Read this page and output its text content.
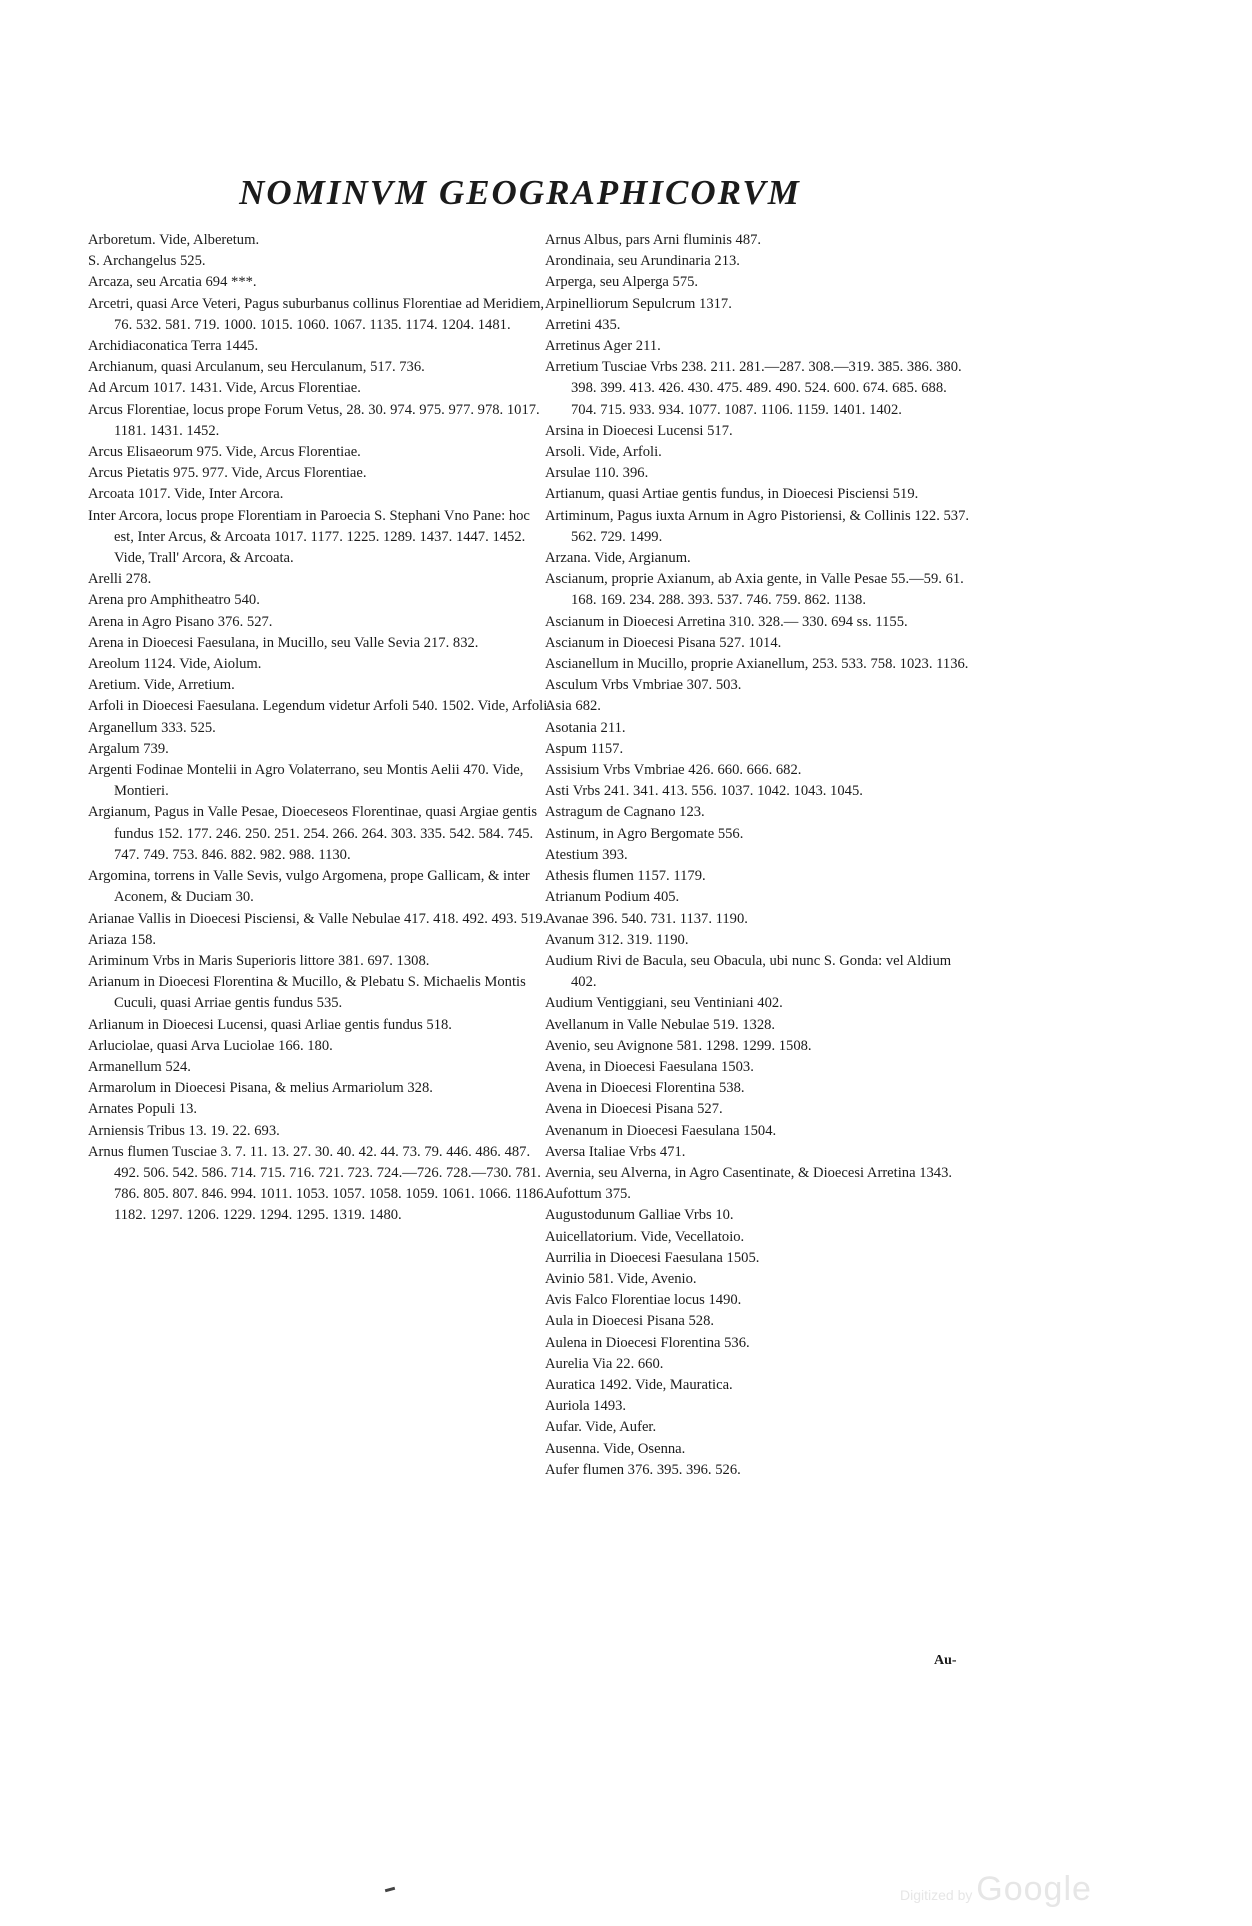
NOMINVM GEOGRAPHICORVM

Arboretum. Vide, Alberetum.

S. Archangelus 525.

Arcaza, seu Arcatia 694 ***.

Arcetri, quasi Arce Veteri, Pagus suburbanus collinus Florentiae ad Meridiem, 76. 532. 581. 719. 1000. 1015. 1060. 1067. 1135. 1174. 1204. 1481.

Archidiaconatica Terra 1445.

Archianum, quasi Arculanum, seu Herculanum, 517. 736.

Ad Arcum 1017. 1431. Vide, Arcus Florentiae.

Arcus Florentiae, locus prope Forum Vetus, 28. 30. 974. 975. 977. 978. 1017. 1181. 1431. 1452.

Arcus Elisaeorum 975. Vide, Arcus Florentiae.

Arcus Pietatis 975. 977. Vide, Arcus Florentiae.

Arcoata 1017. Vide, Inter Arcora.

Inter Arcora, locus prope Florentiam in Paroecia S. Stephani Vno Pane: hoc est, Inter Arcus, & Arcoata 1017. 1177. 1225. 1289. 1437. 1447. 1452. Vide, Trall' Arcora, & Arcoata.

Arelli 278.

Arena pro Amphitheatro 540.

Arena in Agro Pisano 376. 527.

Arena in Dioecesi Faesulana, in Mucillo, seu Valle Sevia 217. 832.

Areolum 1124. Vide, Aiolum.

Aretium. Vide, Arretium.

Arfoli in Dioecesi Faesulana. Legendum videtur Arfoli 540. 1502. Vide, Arfoli.

Arganellum 333. 525.

Argalum 739.

Argenti Fodinae Montelii in Agro Volaterrano, seu Montis Aelii 470. Vide, Montieri.

Argianum, Pagus in Valle Pesae, Dioeceseos Florentinae, quasi Argiae gentis fundus 152. 177. 246. 250. 251. 254. 266. 264. 303. 335. 542. 584. 745. 747. 749. 753. 846. 882. 982. 988. 1130.

Argomina, torrens in Valle Sevis, vulgo Argomena, prope Gallicam, & inter Aconem, & Duciam 30.

Arianae Vallis in Dioecesi Pisciensi, & Valle Nebulae 417. 418. 492. 493. 519.

Ariaza 158.

Ariminum Vrbs in Maris Superioris littore 381. 697. 1308.

Arianum in Dioecesi Florentina & Mucillo, & Plebatu S. Michaelis Montis Cuculi, quasi Arriae gentis fundus 535.

Arlianum in Dioecesi Lucensi, quasi Arliae gentis fundus 518.

Arluciolae, quasi Arva Luciolae 166. 180.

Armanellum 524.

Armarolum in Dioecesi Pisana, & melius Armariolum 328.

Arnates Populi 13.

Arniensis Tribus 13. 19. 22. 693.

Arnus flumen Tusciae 3. 7. 11. 13. 27. 30. 40. 42. 44. 73. 79. 446. 486. 487. 492. 506. 542. 586. 714. 715. 716. 721. 723. 724.—726. 728.—730. 781. 786. 805. 807. 846. 994. 1011. 1053. 1057. 1058. 1059. 1061. 1066. 1186. 1182. 1297. 1206. 1229. 1294. 1295. 1319. 1480.

Arnus Albus, pars Arni fluminis 487.

Arondinaia, seu Arundinaria 213.

Arperga, seu Alperga 575.

Arpinelliorum Sepulcrum 1317.

Arretini 435.

Arretinus Ager 211.

Arretium Tusciae Vrbs 238. 211. 281.—287. 308.—319. 385. 386. 380. 398. 399. 413. 426. 430. 475. 489. 490. 524. 600. 674. 685. 688. 704. 715. 933. 934. 1077. 1087. 1106. 1159. 1401. 1402.

Arsina in Dioecesi Lucensi 517.

Arsoli. Vide, Arfoli.

Arsulae 110. 396.

Artianum, quasi Artiae gentis fundus, in Dioecesi Pisciensi 519.

Artiminum, Pagus iuxta Arnum in Agro Pistoriensi, & Collinis 122. 537. 562. 729. 1499.

Arzana. Vide, Argianum.

Ascianum, proprie Axianum, ab Axia gente, in Valle Pesae 55.—59. 61. 168. 169. 234. 288. 393. 537. 746. 759. 862. 1138.

Ascianum in Dioecesi Arretina 310. 328.— 330. 694 ss. 1155.

Ascianum in Dioecesi Pisana 527. 1014.

Ascianellum in Mucillo, proprie Axianellum, 253. 533. 758. 1023. 1136.

Asculum Vrbs Vmbriae 307. 503.

Asia 682.

Asotania 211.

Aspum 1157.

Assisium Vrbs Vmbriae 426. 660. 666. 682.

Asti Vrbs 241. 341. 413. 556. 1037. 1042. 1043. 1045.

Astragum de Cagnano 123.

Astinum, in Agro Bergomate 556.

Atestium 393.

Athesis flumen 1157. 1179.

Atrianum Podium 405.

Avanae 396. 540. 731. 1137. 1190.

Avanum 312. 319. 1190.

Audium Rivi de Bacula, seu Obacula, ubi nunc S. Gonda: vel Aldium 402.

Audium Ventiggiani, seu Ventiniani 402.

Avellanum in Valle Nebulae 519. 1328.

Avenio, seu Avignone 581. 1298. 1299. 1508.

Avena, in Dioecesi Faesulana 1503.

Avena in Dioecesi Florentina 538.

Avena in Dioecesi Pisana 527.

Avenanum in Dioecesi Faesulana 1504.

Aversa Italiae Vrbs 471.

Avernia, seu Alverna, in Agro Casentinate, & Dioecesi Arretina 1343.

Aufottum 375.

Augustodunum Galliae Vrbs 10.

Auicellatorium. Vide, Vecellatoio.

Aurrilia in Dioecesi Faesulana 1505.

Avinio 581. Vide, Avenio.

Avis Falco Florentiae locus 1490.

Aula in Dioecesi Pisana 528.

Aulena in Dioecesi Florentina 536.

Aurelia Via 22. 660.

Auratica 1492. Vide, Mauratica.

Auriola 1493.

Aufar. Vide, Aufer.

Ausenna. Vide, Osenna.

Aufer flumen 376. 395. 396. 526.

Au-
Digitized by Google
